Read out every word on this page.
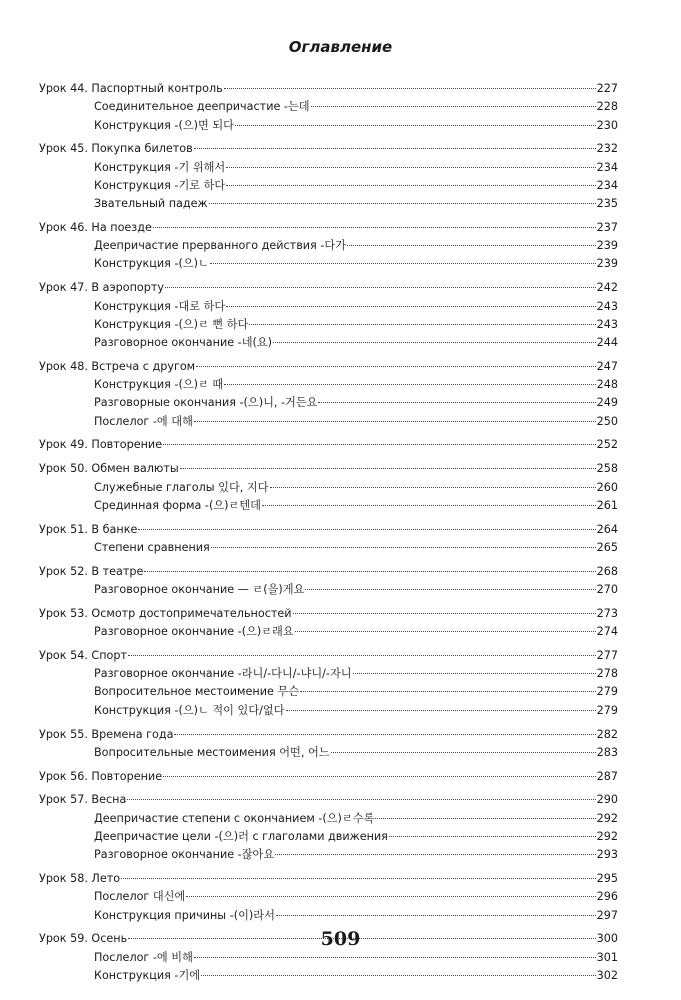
Оглавление
Урок 44. Паспортный контроль	227
Соединительное деепричастие -는데	228
Конструкция -(으)면 되다	230
Урок 45. Покупка билетов	232
Конструкция -기 위해서	234
Конструкция -기로 하다	234
Звательный падеж	235
Урок 46. На поезде	237
Деепричастие прерванного действия -다가	239
Конструкция -(으)ㄴ	239
Урок 47. В аэропорту	242
Конструкция -대로 하다	243
Конструкция -(으)ㄹ 뻔 하다	243
Разговорное окончание -네(요)	244
Урок 48. Встреча с другом	247
Конструкция -(으)ㄹ 때	248
Разговорные окончания -(으)니, -거든요	249
Послелог -에 대해	250
Урок 49. Повторение	252
Урок 50. Обмен валюты	258
Служебные глаголы 있다, 지다	260
Срединная форма -(으)ㄹ텐데	261
Урок 51. В банке	264
Степени сравнения	265
Урок 52. В театре	268
Разговорное окончание — ㄹ(을)게요	270
Урок 53. Осмотр достопримечательностей	273
Разговорное окончание -(으)ㄹ래요	274
Урок 54. Спорт	277
Разговорное окончание -라니/-다니/-냐니/-자니	278
Вопросительное местоимение 무슨	279
Конструкция -(으)ㄴ 적이 있다/없다	279
Урок 55. Времена года	282
Вопросительные местоимения 어떤, 어느	283
Урок 56. Повторение	287
Урок 57. Весна	290
Деепричастие степени с окончанием -(으)ㄹ수록	292
Деепричастие цели -(으)러 с глаголами движения	292
Разговорное окончание -잖아요	293
Урок 58. Лето	295
Послелог 대신에	296
Конструкция причины -(이)라서	297
Урок 59. Осень	300
Послелог -에 비해	301
Конструкция -기에	302
509
